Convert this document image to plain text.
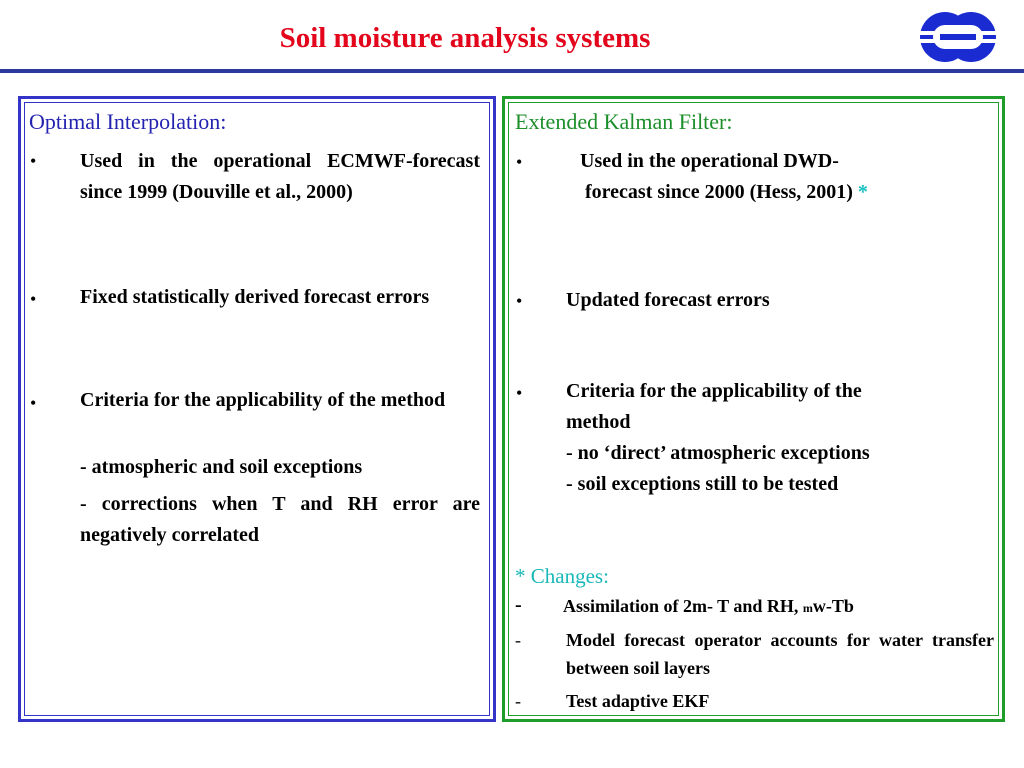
Soil moisture analysis systems
Optimal Interpolation:
• Used in the operational ECMWF-forecast since 1999 (Douville et al., 2000)
• Fixed statistically derived forecast errors
• Criteria for the applicability of the method
- atmospheric and soil exceptions
- corrections when T and RH error are negatively correlated
Extended Kalman Filter:
•	Used in the operational DWD-
forecast since 2000 (Hess, 2001) *
• Updated forecast errors
• Criteria for the applicability of the
method
- no ‘direct’ atmospheric exceptions
- soil exceptions still to be tested
* Changes:
- Assimilation of 2m- T and RH, mw-Tb
-	Model forecast operator accounts for water transfer between soil layers
-	Test adaptive EKF
